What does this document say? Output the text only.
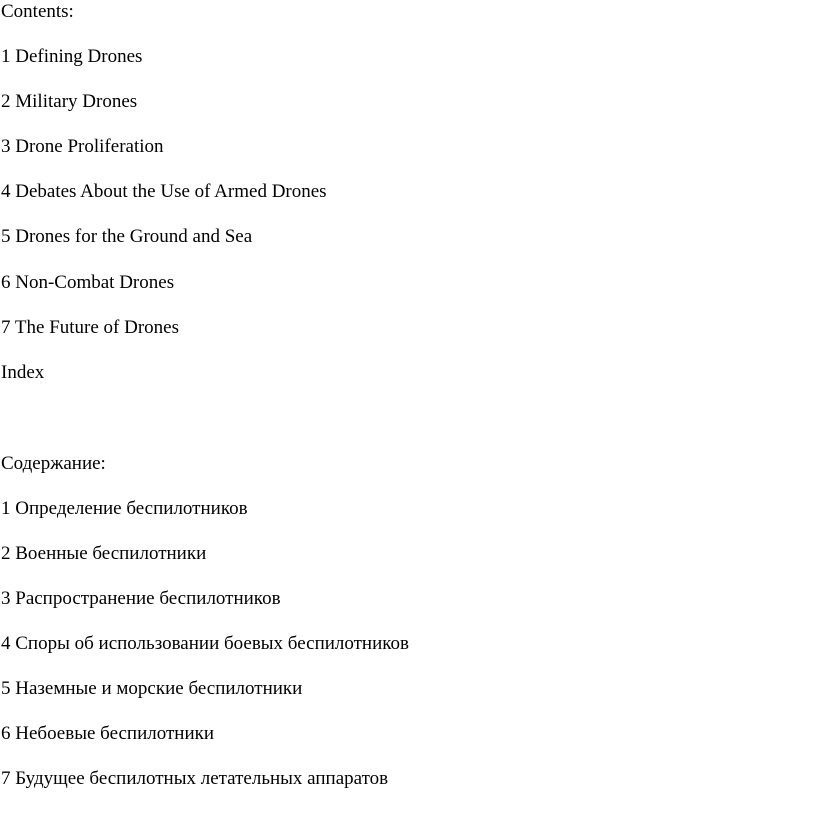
Contents:
1 Defining Drones
2 Military Drones
3 Drone Proliferation
4 Debates About the Use of Armed Drones
5 Drones for the Ground and Sea
6 Non-Combat Drones
7 The Future of Drones
Index
Содержание:
1 Определение беспилотников
2 Военные беспилотники
3 Распространение беспилотников
4 Споры об использовании боевых беспилотников
5 Наземные и морские беспилотники
6 Небоевые беспилотники
7 Будущее беспилотных летательных аппаратов
